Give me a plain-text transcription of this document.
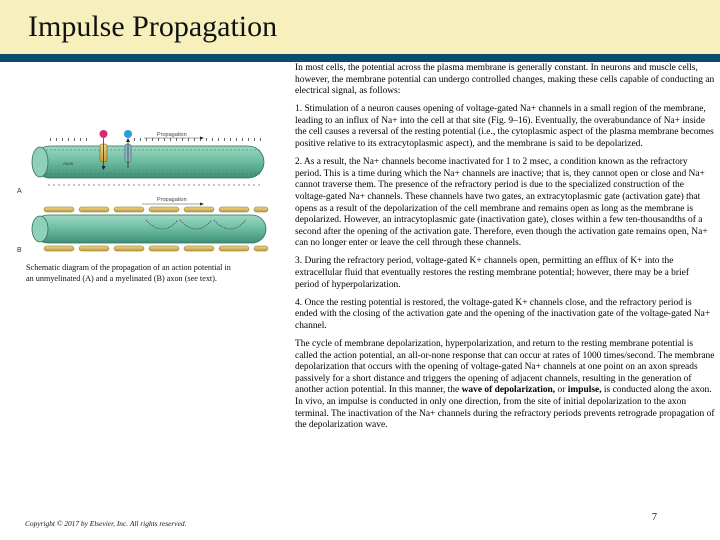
Impulse Propagation
Propagation
Axon
A
Propagation
B
Schematic diagram of the propagation of an action potential in
an unmyelinated (A) and a myelinated (B) axon (see text).

In most cells, the potential across the plasma membrane is generally constant. In neurons and muscle cells, however, the membrane potential can undergo controlled changes, making these cells capable of conducting an electrical signal, as follows:

1. Stimulation of a neuron causes opening of voltage-gated Na+ channels in a small region of the membrane, leading to an influx of Na+ into the cell at that site (Fig. 9–16). Eventually, the overabundance of Na+ inside the cell causes a reversal of the resting potential (i.e., the cytoplasmic aspect of the plasma membrane becomes positive relative to its extracytoplasmic aspect), and the membrane is said to be depolarized.

2. As a result, the Na+ channels become inactivated for 1 to 2 msec, a condition known as the refractory period. This is a time during which the Na+ channels are inactive; that is, they cannot open or close and Na+ cannot traverse them. The presence of the refractory period is due to the specialized construction of the voltage-gated Na+ channels. These channels have two gates, an extracytoplasmic gate (activation gate) that opens as a result of the depolarization of the cell membrane and remains open as long as the membrane is depolarized. However, an intracytoplasmic gate (inactivation gate), closes within a few ten-thousandths of a second after the opening of the activation gate. Therefore, even though the activation gate remains open, Na+ can no longer enter or leave the cell through these channels.

3. During the refractory period, voltage-gated K+ channels open, permitting an efflux of K+ into the extracellular fluid that eventually restores the resting membrane potential; however, there may be a brief period of hyperpolarization.

4. Once the resting potential is restored, the voltage-gated K+ channels close, and the refractory period is ended with the closing of the activation gate and the opening of the inactivation gate of the voltage-gated Na+ channel.

The cycle of membrane depolarization, hyperpolarization, and return to the resting membrane potential is called the action potential, an all-or-none response that can occur at rates of 1000 times/second. The membrane depolarization that occurs with the opening of voltage-gated Na+ channels at one point on an axon spreads passively for a short distance and triggers the opening of adjacent channels, resulting in the generation of another action potential. In this manner, the wave of depolarization, or impulse, is conducted along the axon. In vivo, an impulse is conducted in only one direction, from the site of initial depolarization to the axon terminal. The inactivation of the Na+ channels during the refractory periods prevents retrograde propagation of the depolarization wave.

Copyright © 2017 by Elsevier, Inc. All rights reserved.
7
